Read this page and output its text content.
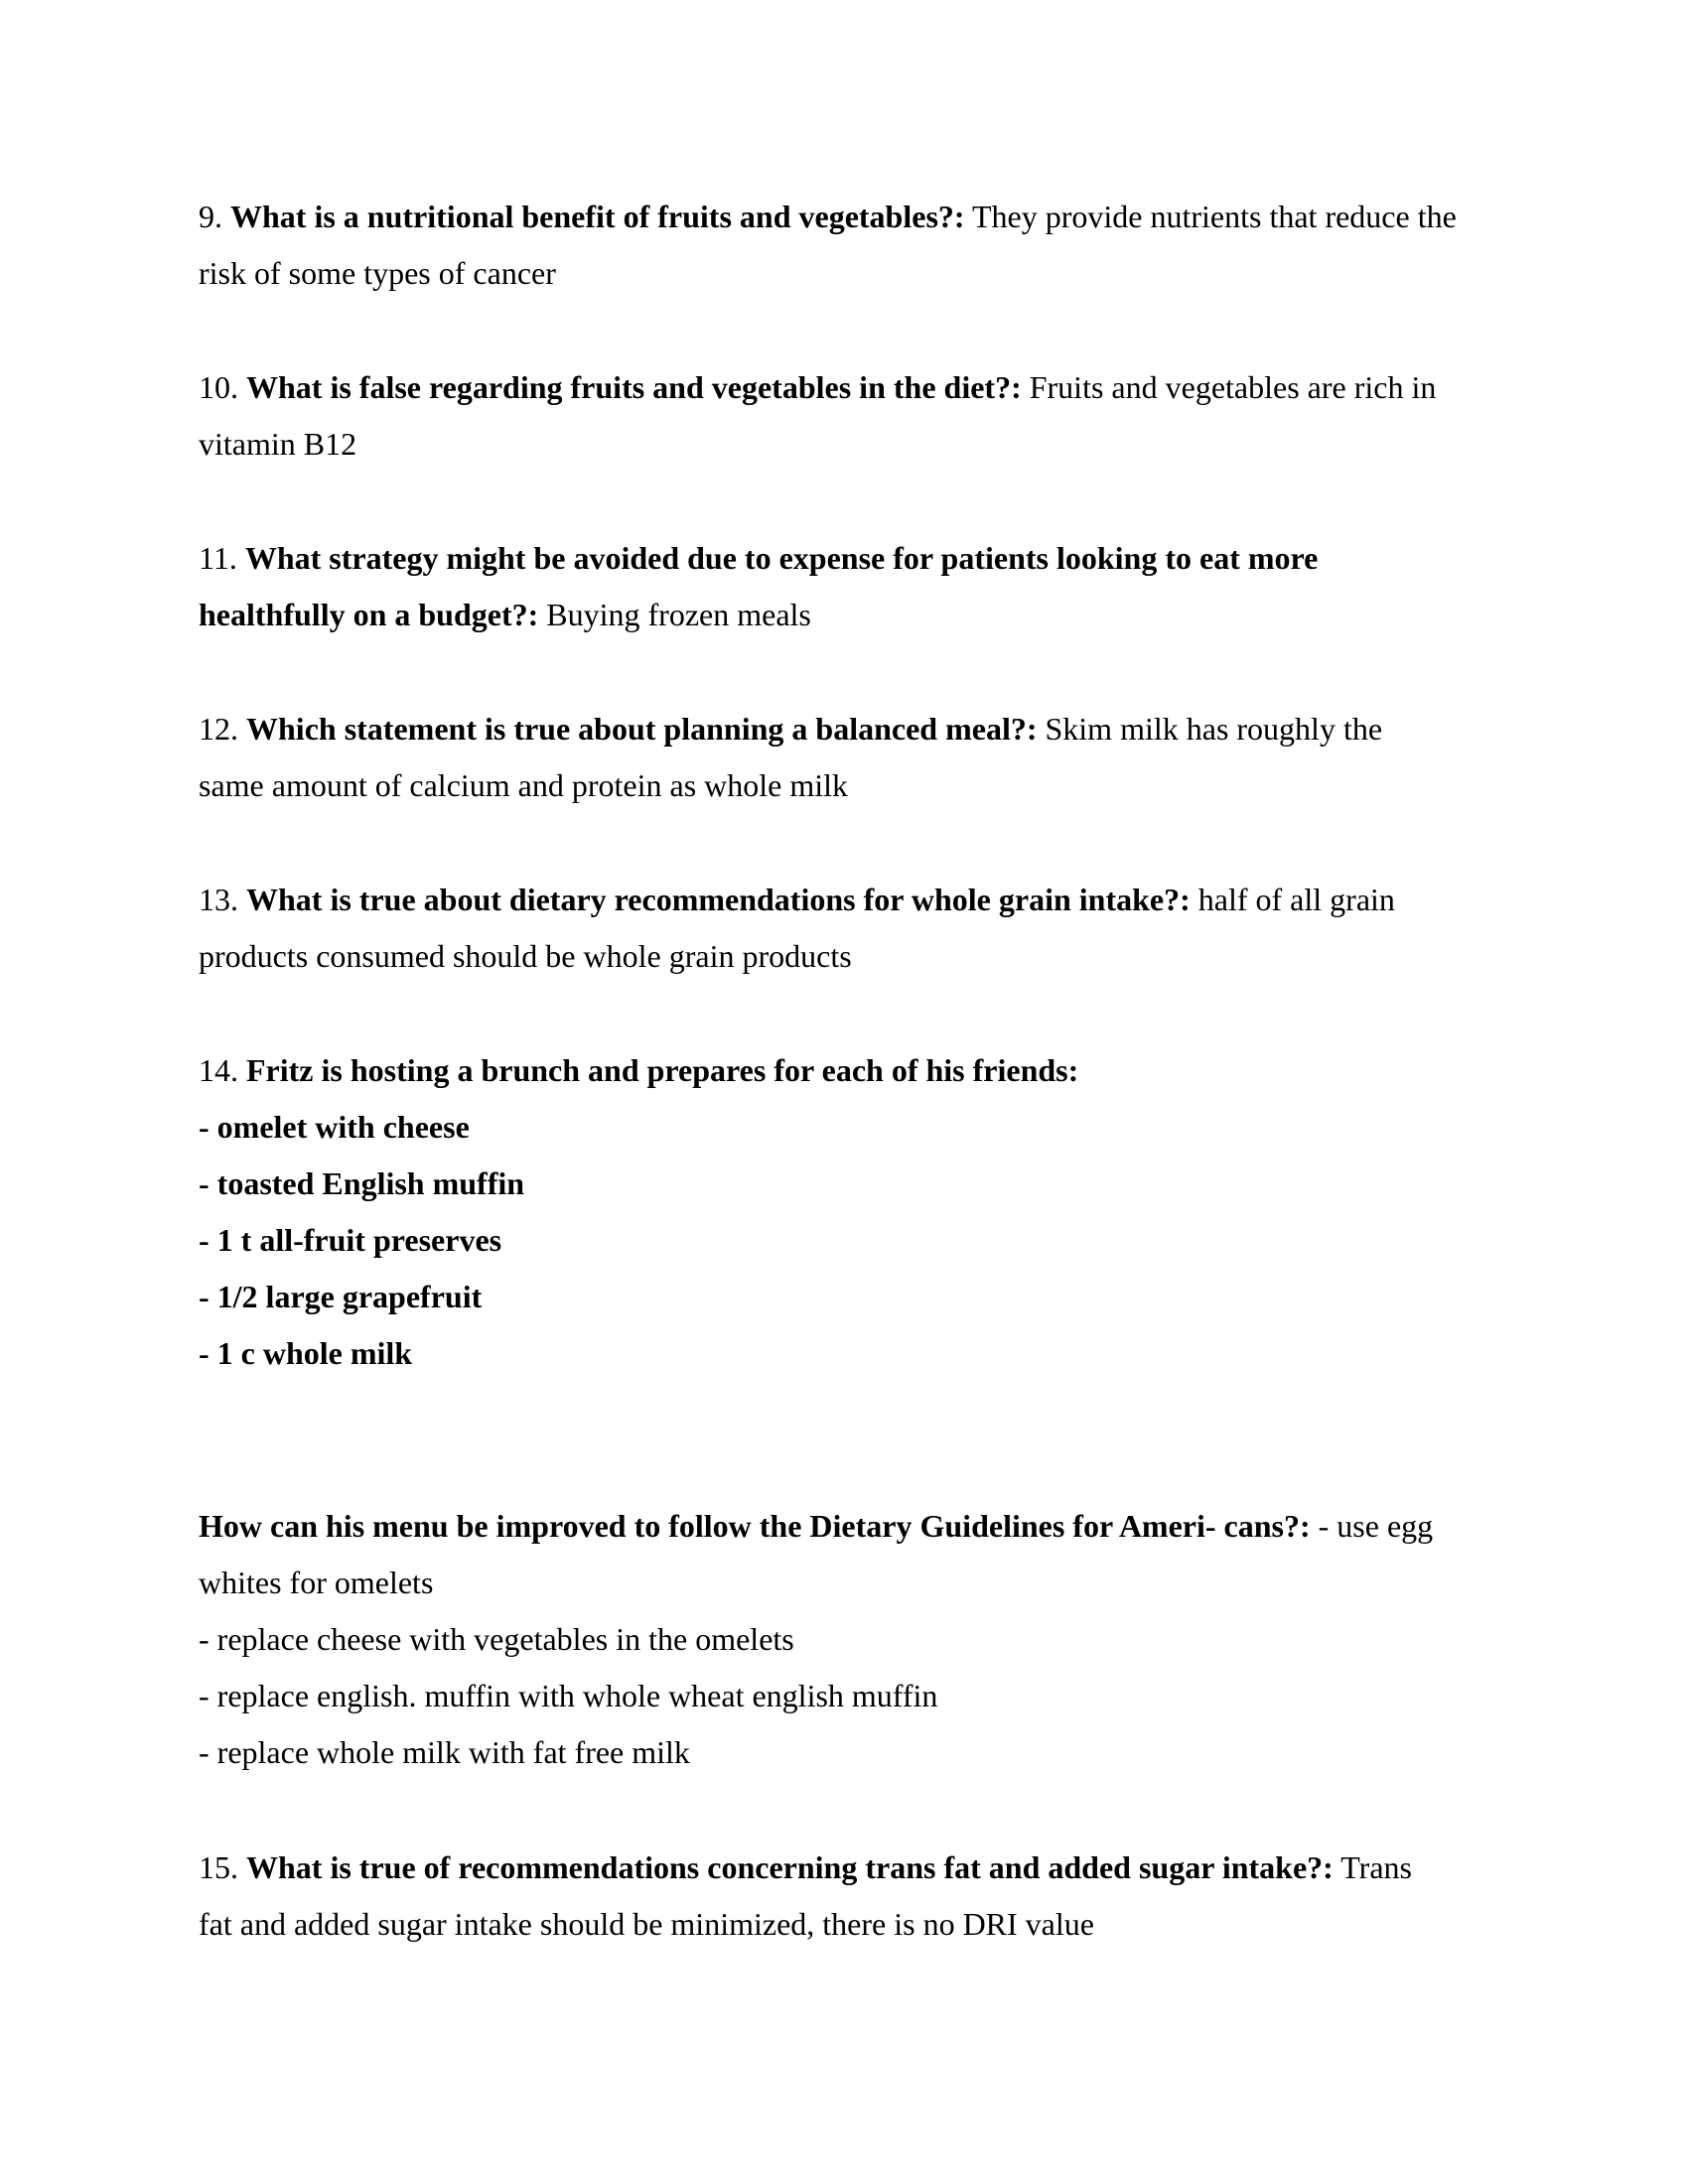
9. What is a nutritional benefit of fruits and vegetables?: They provide nutrients that reduce the
risk of some types of cancer
10. What is false regarding fruits and vegetables in the diet?: Fruits and vegetables are rich in
vitamin B12
11. What strategy might be avoided due to expense for patients looking to eat more
healthfully on a budget?: Buying frozen meals
12. Which statement is true about planning a balanced meal?: Skim milk has roughly the
same amount of calcium and protein as whole milk
13. What is true about dietary recommendations for whole grain intake?: half of all grain
products consumed should be whole grain products
14. Fritz is hosting a brunch and prepares for each of his friends:
- omelet with cheese
- toasted English muffin
- 1 t all-fruit preserves
- 1/2 large grapefruit
- 1 c whole milk
How can his menu be improved to follow the Dietary Guidelines for Ameri- cans?: - use egg
whites for omelets
- replace cheese with vegetables in the omelets
- replace english. muffin with whole wheat english muffin
- replace whole milk with fat free milk
15. What is true of recommendations concerning trans fat and added sugar intake?: Trans
fat and added sugar intake should be minimized, there is no DRI value
